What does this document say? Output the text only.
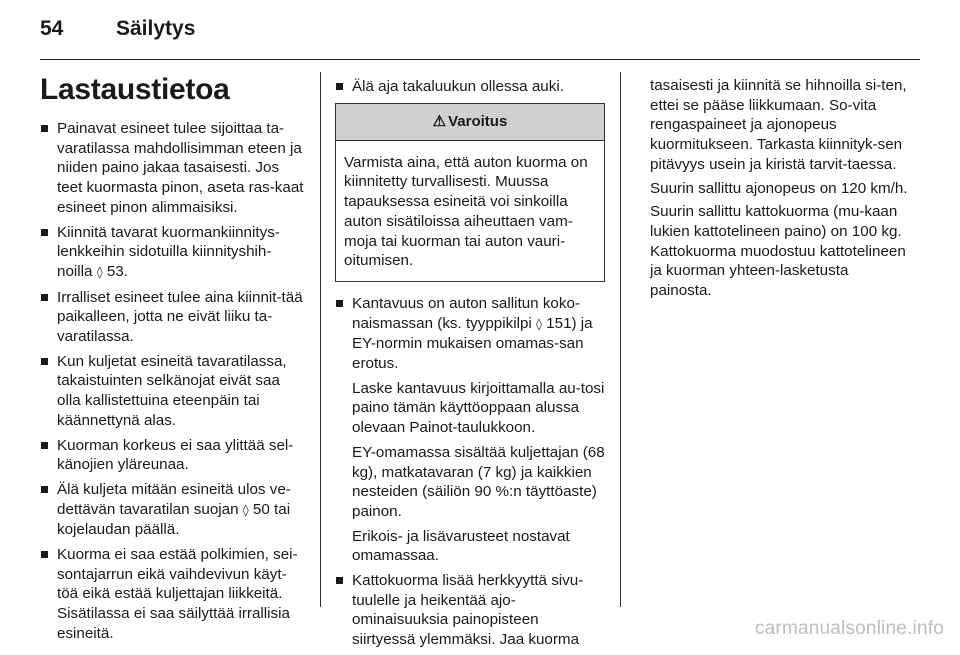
54	Säilytys
Lastaustietoa
Painavat esineet tulee sijoittaa ta-varatilassa mahdollisimman eteen ja niiden paino jakaa tasaisesti. Jos teet kuormasta pinon, aseta ras-kaat esineet pinon alimmaisiksi.
Kiinnitä tavarat kuormankiinnitys-lenkkeihin sidotuilla kiinnityshih-noilla ◊ 53.
Irralliset esineet tulee aina kiinnit-tää paikalleen, jotta ne eivät liiku ta-varatilassa.
Kun kuljetat esineitä tavaratilassa, takaistuinten selkänojat eivät saa olla kallistettuina eteenpäin tai käännettynä alas.
Kuorman korkeus ei saa ylittää sel-känojien yläreunaa.
Älä kuljeta mitään esineitä ulos ve-dettävän tavaratilan suojan ◊ 50 tai kojelaudan päällä.
Kuorma ei saa estää polkimien, sei-sontajarrun eikä vaihdevivun käyt-töä eikä estää kuljettajan liikkeitä. Sisätilassa ei saa säilyttää irrallisia esineitä.
Älä aja takaluukun ollessa auki.
⚠ Varoitus
Varmista aina, että auton kuorma on kiinnitetty turvallisesti. Muussa tapauksessa esineitä voi sinkoilla auton sisätiloissa aiheuttaen vam-moja tai kuorman tai auton vauri-oitumisen.
Kantavuus on auton sallitun koko-naismassan (ks. tyyppikilpi ◊ 151) ja EY-normin mukaisen omamas-san erotus.
Laske kantavuus kirjoittamalla au-tosi paino tämän käyttöoppaan alussa olevaan Painot-taulukkoon.
EY-omamassa sisältää kuljettajan (68 kg), matkatavaran (7 kg) ja kaikkien nesteiden (säiliön 90 %:n täyttöaste) painon.
Erikois- ja lisävarusteet nostavat omamassaa.
Kattokuorma lisää herkkyyttä sivu-tuulelle ja heikentää ajo-ominaisuuksia painopisteen siirtyessä ylemmäksi. Jaa kuorma

tasaisesti ja kiinnitä se hihnoilla si-ten, ettei se pääse liikkumaan. So-vita rengaspaineet ja ajonopeus kuormitukseen. Tarkasta kiinnityk-sen pitävyys usein ja kiristä tarvit-taessa.

Suurin sallittu ajonopeus on 120 km/h.

Suurin sallittu kattokuorma (mu-kaan lukien kattotelineen paino) on 100 kg. Kattokuorma muodostuu kattotelineen ja kuorman yhteen-lasketusta painosta.

carmanualsonline.info
